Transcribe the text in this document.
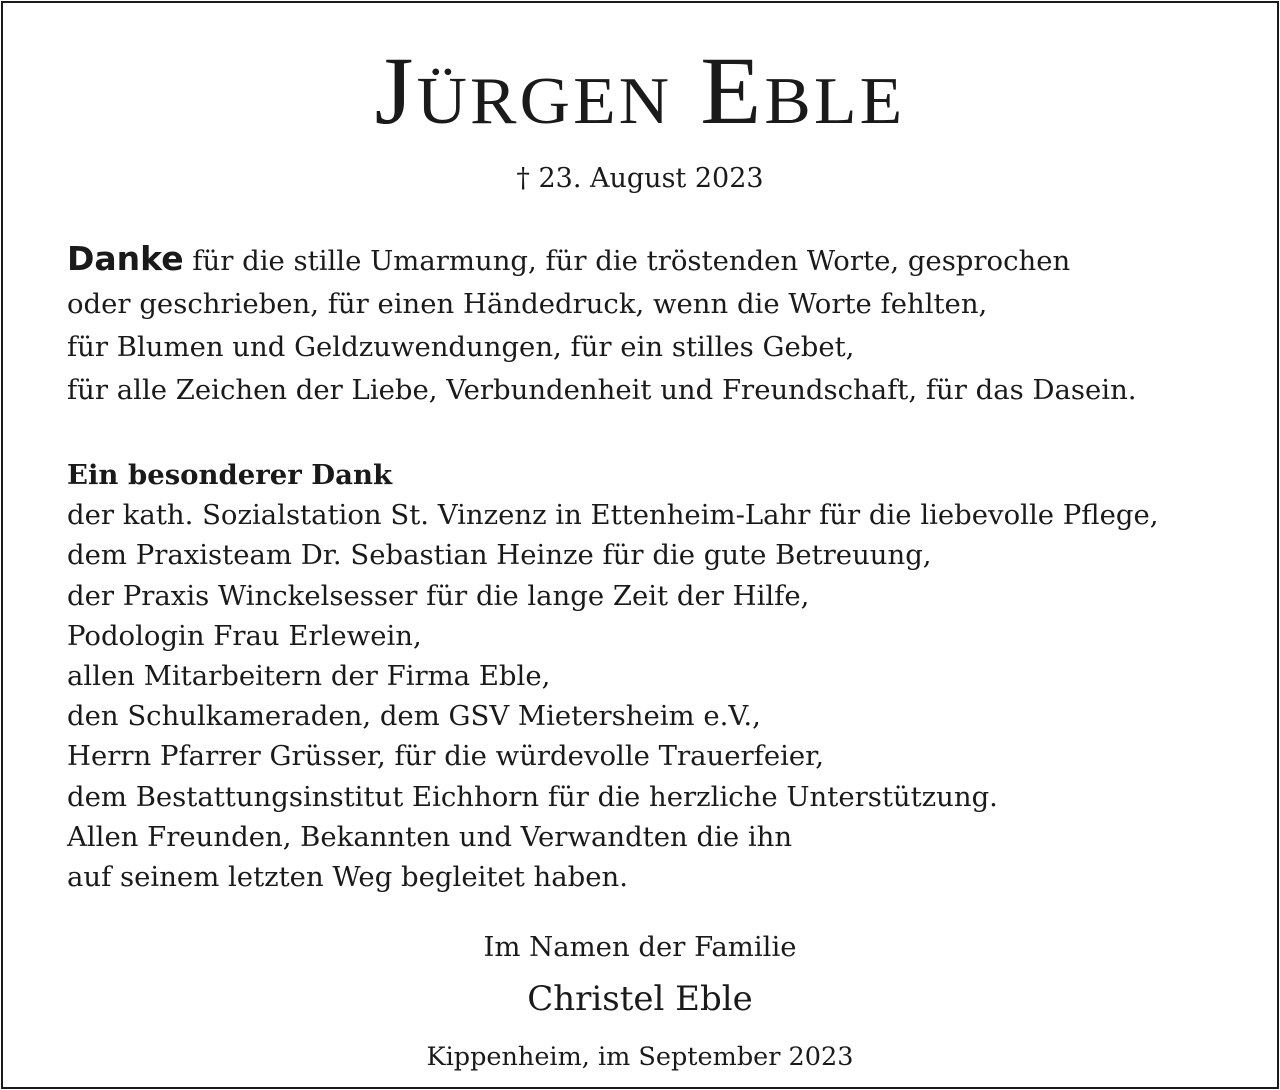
Jürgen Eble
† 23. August 2023
Danke für die stille Umarmung, für die tröstenden Worte, gesprochen
oder geschrieben, für einen Händedruck, wenn die Worte fehlten,
für Blumen und Geldzuwendungen, für ein stilles Gebet,
für alle Zeichen der Liebe, Verbundenheit und Freundschaft, für das Dasein.
Ein besonderer Dank
der kath. Sozialstation St. Vinzenz in Ettenheim-Lahr für die liebevolle Pflege,
dem Praxisteam Dr. Sebastian Heinze für die gute Betreuung,
der Praxis Winckelsesser für die lange Zeit der Hilfe,
Podologin Frau Erlewein,
allen Mitarbeitern der Firma Eble,
den Schulkameraden, dem GSV Mietersheim e.V.,
Herrn Pfarrer Grüsser, für die würdevolle Trauerfeier,
dem Bestattungsinstitut Eichhorn für die herzliche Unterstützung.
Allen Freunden, Bekannten und Verwandten die ihn
auf seinem letzten Weg begleitet haben.
Im Namen der Familie
Christel Eble
Kippenheim, im September 2023
